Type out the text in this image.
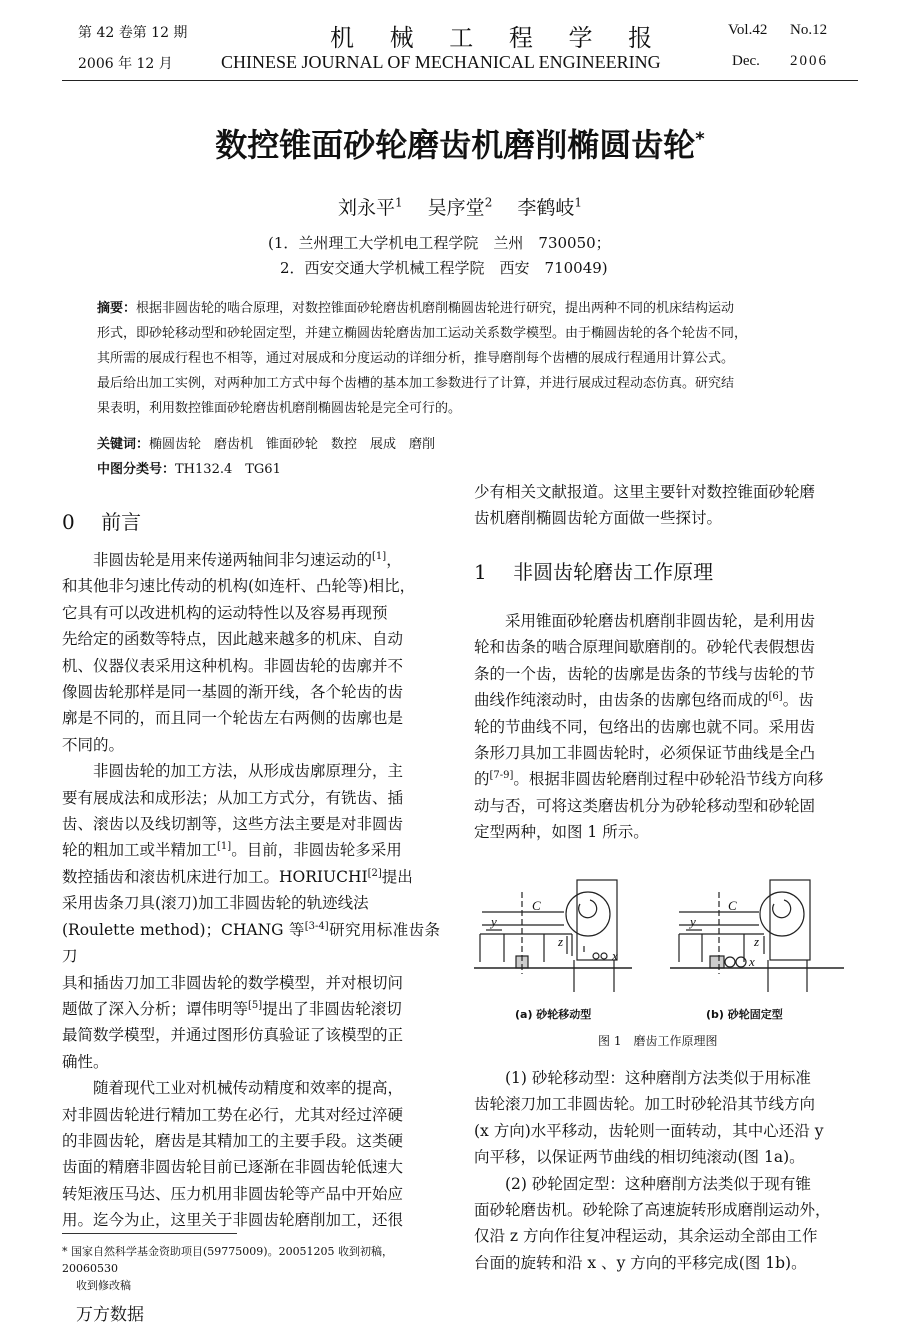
第 42 卷第 12 期
2006 年 12 月
机 械 工 程 学 报
CHINESE JOURNAL OF MECHANICAL ENGINEERING
Vol.42 No.12
Dec. 2006
数控锥面砂轮磨齿机磨削椭圆齿轮*
刘永平$^1$　 吴序堂$^2$　 李鹤岐$^1$
(1．兰州理工大学机电工程学院　兰州　730050；
2．西安交通大学机械工程学院　西安　710049)
摘要：根据非圆齿轮的啮合原理，对数控锥面砂轮磨齿机磨削椭圆齿轮进行研究，提出两种不同的机床结构运动
形式，即砂轮移动型和砂轮固定型，并建立椭圆齿轮磨齿加工运动关系数学模型。由于椭圆齿轮的各个轮齿不同，
其所需的展成行程也不相等，通过对展成和分度运动的详细分析，推导磨削每个齿槽的展成行程通用计算公式。
最后给出加工实例，对两种加工方式中每个齿槽的基本加工参数进行了计算，并进行展成过程动态仿真。研究结
果表明，利用数控锥面砂轮磨齿机磨削椭圆齿轮是完全可行的。
关键词：椭圆齿轮　磨齿机　锥面砂轮　数控　展成　磨削
中图分类号：TH132.4　TG61
0　 前言
非圆齿轮是用来传递两轴间非匀速运动的[1]，
和其他非匀速比传动的机构(如连杆、凸轮等)相比，
它具有可以改进机构的运动特性以及容易再现预
先给定的函数等特点，因此越来越多的机床、自动
机、仪器仪表采用这种机构。非圆齿轮的齿廓并不
像圆齿轮那样是同一基圆的渐开线，各个轮齿的齿
廓是不同的，而且同一个轮齿左右两侧的齿廓也是
不同的。
非圆齿轮的加工方法，从形成齿廓原理分，主
要有展成法和成形法；从加工方式分，有铣齿、插
齿、滚齿以及线切割等，这些方法主要是对非圆齿
轮的粗加工或半精加工[1]。目前，非圆齿轮多采用
数控插齿和滚齿机床进行加工。HORIUCHI[2]提出
采用齿条刀具(滚刀)加工非圆齿轮的轨迹线法
(Roulette method)；CHANG 等[3-4]研究用标准齿条刀
具和插齿刀加工非圆齿轮的数学模型，并对根切问
题做了深入分析；谭伟明等[5]提出了非圆齿轮滚切
最简数学模型，并通过图形仿真验证了该模型的正
确性。
随着现代工业对机械传动精度和效率的提高，
对非圆齿轮进行精加工势在必行，尤其对经过淬硬
的非圆齿轮，磨齿是其精加工的主要手段。这类硬
齿面的精磨非圆齿轮目前已逐渐在非圆齿轮低速大
转矩液压马达、压力机用非圆齿轮等产品中开始应
用。迄今为止，这里关于非圆齿轮磨削加工，还很
少有相关文献报道。这里主要针对数控锥面砂轮磨
齿机磨削椭圆齿轮方面做一些探讨。
1　 非圆齿轮磨齿工作原理
采用锥面砂轮磨齿机磨削非圆齿轮，是利用齿
轮和齿条的啮合原理间歇磨削的。砂轮代表假想齿
条的一个齿，齿轮的齿廓是齿条的节线与齿轮的节
曲线作纯滚动时，由齿条的齿廓包络而成的[6]。齿
轮的节曲线不同，包络出的齿廓也就不同。采用齿
条形刀具加工非圆齿轮时，必须保证节曲线是全凸
的[7-9]。根据非圆齿轮磨削过程中砂轮沿节线方向移
动与否，可将这类磨齿机分为砂轮移动型和砂轮固
定型两种，如图 1 所示。
C
y
z
x
C
y
z
x
(a) 砂轮移动型	(b) 砂轮固定型
图 1　磨齿工作原理图
(1) 砂轮移动型：这种磨削方法类似于用标准
齿轮滚刀加工非圆齿轮。加工时砂轮沿其节线方向
(x 方向)水平移动，齿轮则一面转动，其中心还沿 y
向平移，以保证两节曲线的相切纯滚动(图 1a)。
(2) 砂轮固定型：这种磨削方法类似于现有锥
面砂轮磨齿机。砂轮除了高速旋转形成磨削运动外，
仅沿 z 方向作往复冲程运动，其余运动全部由工作
台面的旋转和沿 x 、y 方向的平移完成(图 1b)。
* 国家自然科学基金资助项目(59775009)。20051205 收到初稿，20060530
收到修改稿
万方数据
